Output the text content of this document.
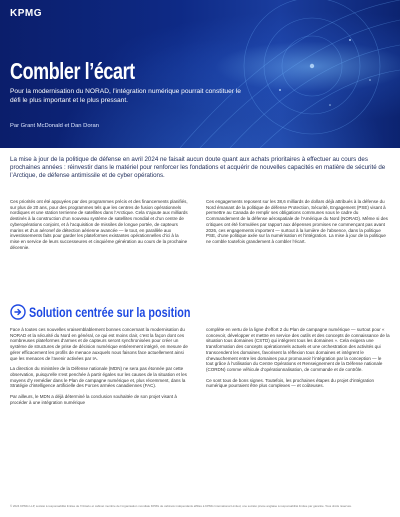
KPMG
Combler l’écart
Pour la modernisation du NORAD, l’intégration numérique pourrait constituer le défi le plus important et le plus pressant.
Par Grant McDonald et Dan Doran
La mise à jour de la politique de défense en avril 2024 ne faisait aucun doute quant aux achats prioritaires à effectuer au cours des prochaines années : réinvestir dans le matériel pour renforcer les fondations et acquérir de nouvelles capacités en matière de sécurité de l’Arctique, de défense antimissile et de cyber opérations.

Ces priorités ont été appuyées par des programmes précis et des financements planifiés, sur plus de 20 ans, pour des programmes tels que les centres de fusion opérationnels nordiques et une station terrienne de satellites dans l’Arctique. Cela s’ajoute aux milliards destinés à la construction d’un nouveau système de satellites mondial et d’un centre de cyberopérations conjoint, et à l’acquisition de missiles de longue portée, de capteurs marins et d’un aéronef de détection aérienne avancée — le tout, en parallèle aux investissements faits pour garder les plateformes existantes opérationnelles d’ici à la mise en service de leurs successeures et cinquième génération au cours de la prochaine décennie.

Ces engagements reposent sur les 38,6 milliards de dollars déjà attribués à la défense du Nord émanant de la politique de défense Protection, Sécurité, Engagement (PSE) visant à permettre au Canada de remplir ses obligations communes sous le cadre du Commandement de la défense aérospatiale de l’Amérique du Nord (NORAD). Même si des critiques ont été formulées par rapport aux dépenses promises ne commençant pas avant 2026, ces engagements importent — surtout à la lumière de l’absence, dans la politique PSE, d’une politique axée sur la numérisation et l’intégration. La mise à jour de la politique ne comble toutefois grandement à combler l’écart.

Solution centrée sur la position

Face à toutes ces nouvelles vraisemblablement bonnes concernant la modernisation du NORAD et la sécurité du Nord en général, ce qui est moins clair, c’est la façon dont ces nombreuses plateformes d’armes et de capteurs seront synchronisées pour créer un système de structures de prise de décision numérique entièrement intégré, en mesure de gérer efficacement les profils de menace auxquels nous faisons face actuellement ainsi que les menaces de l’avenir activées par IA.

La direction du ministère de la Défense nationale (MDN) ne sera pas étonnée par cette observation, puisqu’elle s’est penchée à partir égales sur les causes de la situation et les moyens d’y remédier dans le Plan de campagne numérique et, plus récemment, dans la Stratégie d’intelligence artificielle des Forces armées canadiennes (FAC).

Par ailleurs, le MDN a déjà déterminé la conclusion souhaitée de son projet visant à procéder à une intégration numérique

complète en vertu de la ligne d’effort 2 du Plan de campagne numérique — surtout pour « concevoir, développer et mettre en service des outils et des concepts de connaissance de la situation tous domaines (CSTD) qui intègrent tous les domaines ». Cela exigera une transformation des concepts opérationnels actuels et une orchestration des activités qui transcendent les domaines, favorisent la réflexion tous domaines et intègrent le chevauchement entre les domaines pour promouvoir l’intégration par la conception — le tout grâce à l’utilisation du Centre Opérations et Renseignement de la Défense nationale (CORDN) comme véhicule d’opérationnalisation, de commande et de contrôle.

Ce sont tous de bons signes. Toutefois, les prochaines étapes du projet d’intégration numérique pourraient être plus complexes — et coûteuses.

© 2024 KPMG LLP, société à responsabilité limitée de l’Ontario et cabinet membre de l’organisation mondiale KPMG de cabinets indépendants affiliés à KPMG International Limited, une société privée anglaise à responsabilité limitée par garantie. Tous droits réservés.
